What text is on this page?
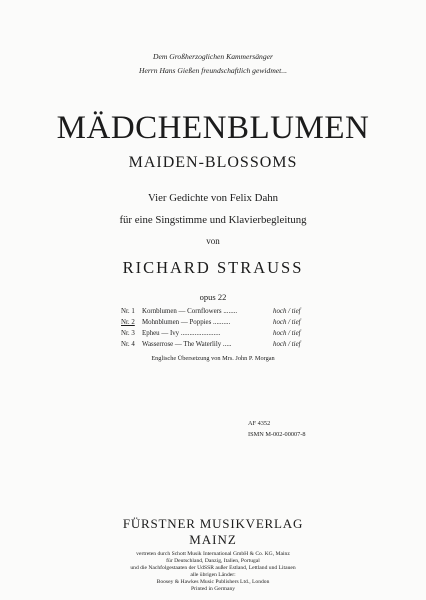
Dem Großherzoglichen Kammersänger
Herrn Hans Gießen freundschaftlich gewidmet...
MÄDCHENBLUMEN
MAIDEN-BLOSSOMS
Vier Gedichte von Felix Dahn
für eine Singstimme und Klavierbegleitung
von
RICHARD STRAUSS
opus 22
Nr. 1 Kornblumen — Cornflowers ........	hoch / tief
Nr. 2 Mohnblumen — Poppies ..........	hoch / tief
Nr. 3 Epheu — Ivy .......................	hoch / tief
Nr. 4 Wasserrose — The Waterlily .....	hoch / tief
Englische Übersetzung von Mrs. John P. Morgan
AF 4352
ISMN M-002-00007-8
FÜRSTNER MUSIKVERLAG
MAINZ
vertreten durch Schott Musik International GmbH & Co. KG, Mainz
für Deutschland, Danzig, Italien, Portugal
und die Nachfolgestaaten der UdSSR außer Estland, Lettland und Litauen
alle übrigen Länder:
Boosey & Hawkes Music Publishers Ltd., London
Printed in Germany
